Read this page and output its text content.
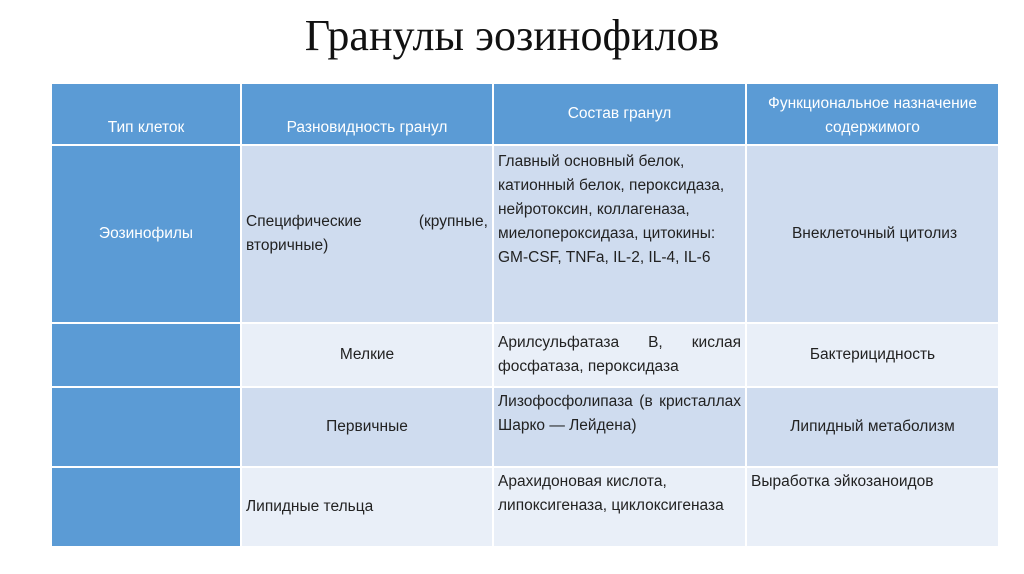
Гранулы эозинофилов
Тип клеток	Разновидность гранул	Состав гранул	Функциональное назначение содержимого
Эозинофилы	Специфические (крупные, вторичные)	Главный основный белок, катионный белок, пероксидаза, нейротоксин, коллагеназа, миелопероксидаза, цитокины: GM-CSF, TNFa, IL-2, IL-4, IL-6	Внеклеточный цитолиз

	Мелкие	Арилсульфатаза В, кислая фосфатаза, пероксидаза	Бактерицидность
	Первичные	Лизофосфолипаза (в кристаллах Шарко — Лейдена)	Липидный метаболизм
	Липидные тельца	Арахидоновая кислота, липоксигеназа, циклоксигеназа	Выработка эйкозаноидов
